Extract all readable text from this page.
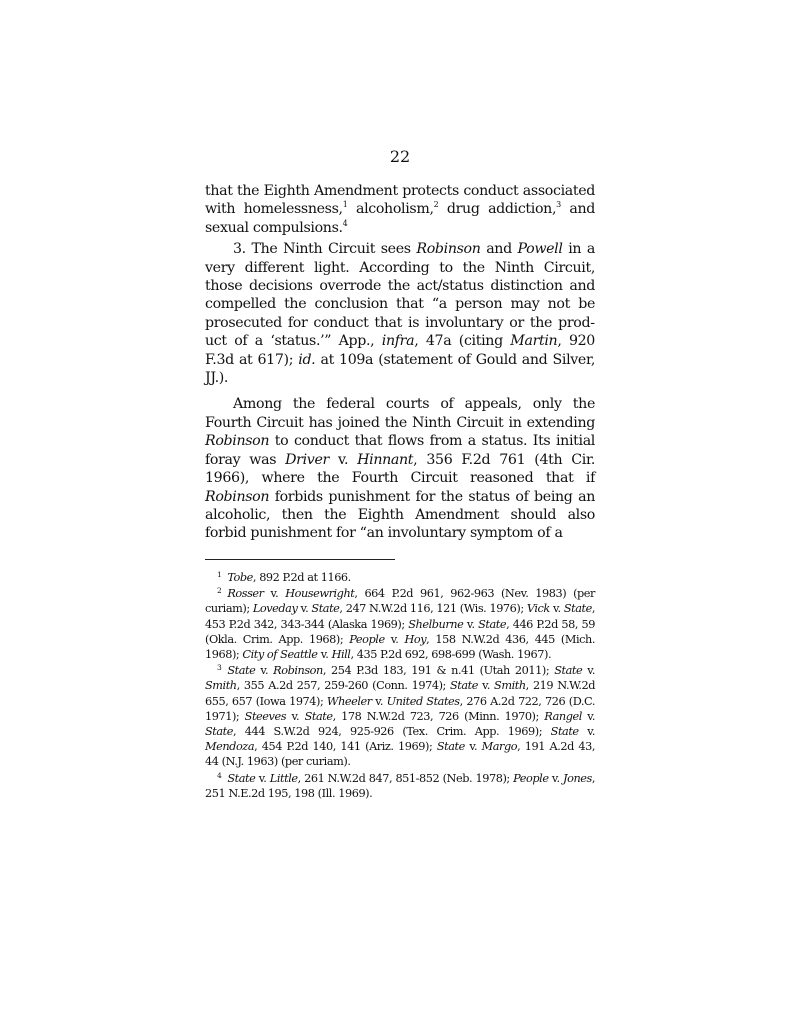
22

that the Eighth Amendment protects conduct associated with homelessness,$^1$ alcoholism,$^2$ drug addiction,$^3$ and sexual compulsions.$^4$

3. The Ninth Circuit sees Robinson and Powell in a very different light. According to the Ninth Circuit, those decisions overrode the act/status distinction and compelled the conclusion that “a person may not be prosecuted for conduct that is involuntary or the product of a ‘status.’” App., infra, 47a (citing Martin, 920 F.3d at 617); id. at 109a (statement of Gould and Silver, JJ.).

Among the federal courts of appeals, only the Fourth Circuit has joined the Ninth Circuit in extending Robinson to conduct that flows from a status. Its initial foray was Driver v. Hinnant, 356 F.2d 761 (4th Cir. 1966), where the Fourth Circuit reasoned that if Robinson forbids punishment for the status of being an alcoholic, then the Eighth Amendment should also forbid punishment for “an involuntary symptom of a

$^1$ Tobe, 892 P.2d at 1166.

$^2$ Rosser v. Housewright, 664 P.2d 961, 962-963 (Nev. 1983) (per curiam); Loveday v. State, 247 N.W.2d 116, 121 (Wis. 1976); Vick v. State, 453 P.2d 342, 343-344 (Alaska 1969); Shelburne v. State, 446 P.2d 58, 59 (Okla. Crim. App. 1968); People v. Hoy, 158 N.W.2d 436, 445 (Mich. 1968); City of Seattle v. Hill, 435 P.2d 692, 698-699 (Wash. 1967).

$^3$ State v. Robinson, 254 P.3d 183, 191 & n.41 (Utah 2011); State v. Smith, 355 A.2d 257, 259-260 (Conn. 1974); State v. Smith, 219 N.W.2d 655, 657 (Iowa 1974); Wheeler v. United States, 276 A.2d 722, 726 (D.C. 1971); Steeves v. State, 178 N.W.2d 723, 726 (Minn. 1970); Rangel v. State, 444 S.W.2d 924, 925-926 (Tex. Crim. App. 1969); State v. Mendoza, 454 P.2d 140, 141 (Ariz. 1969); State v. Margo, 191 A.2d 43, 44 (N.J. 1963) (per curiam).

$^4$ State v. Little, 261 N.W.2d 847, 851-852 (Neb. 1978); People v. Jones, 251 N.E.2d 195, 198 (Ill. 1969).
